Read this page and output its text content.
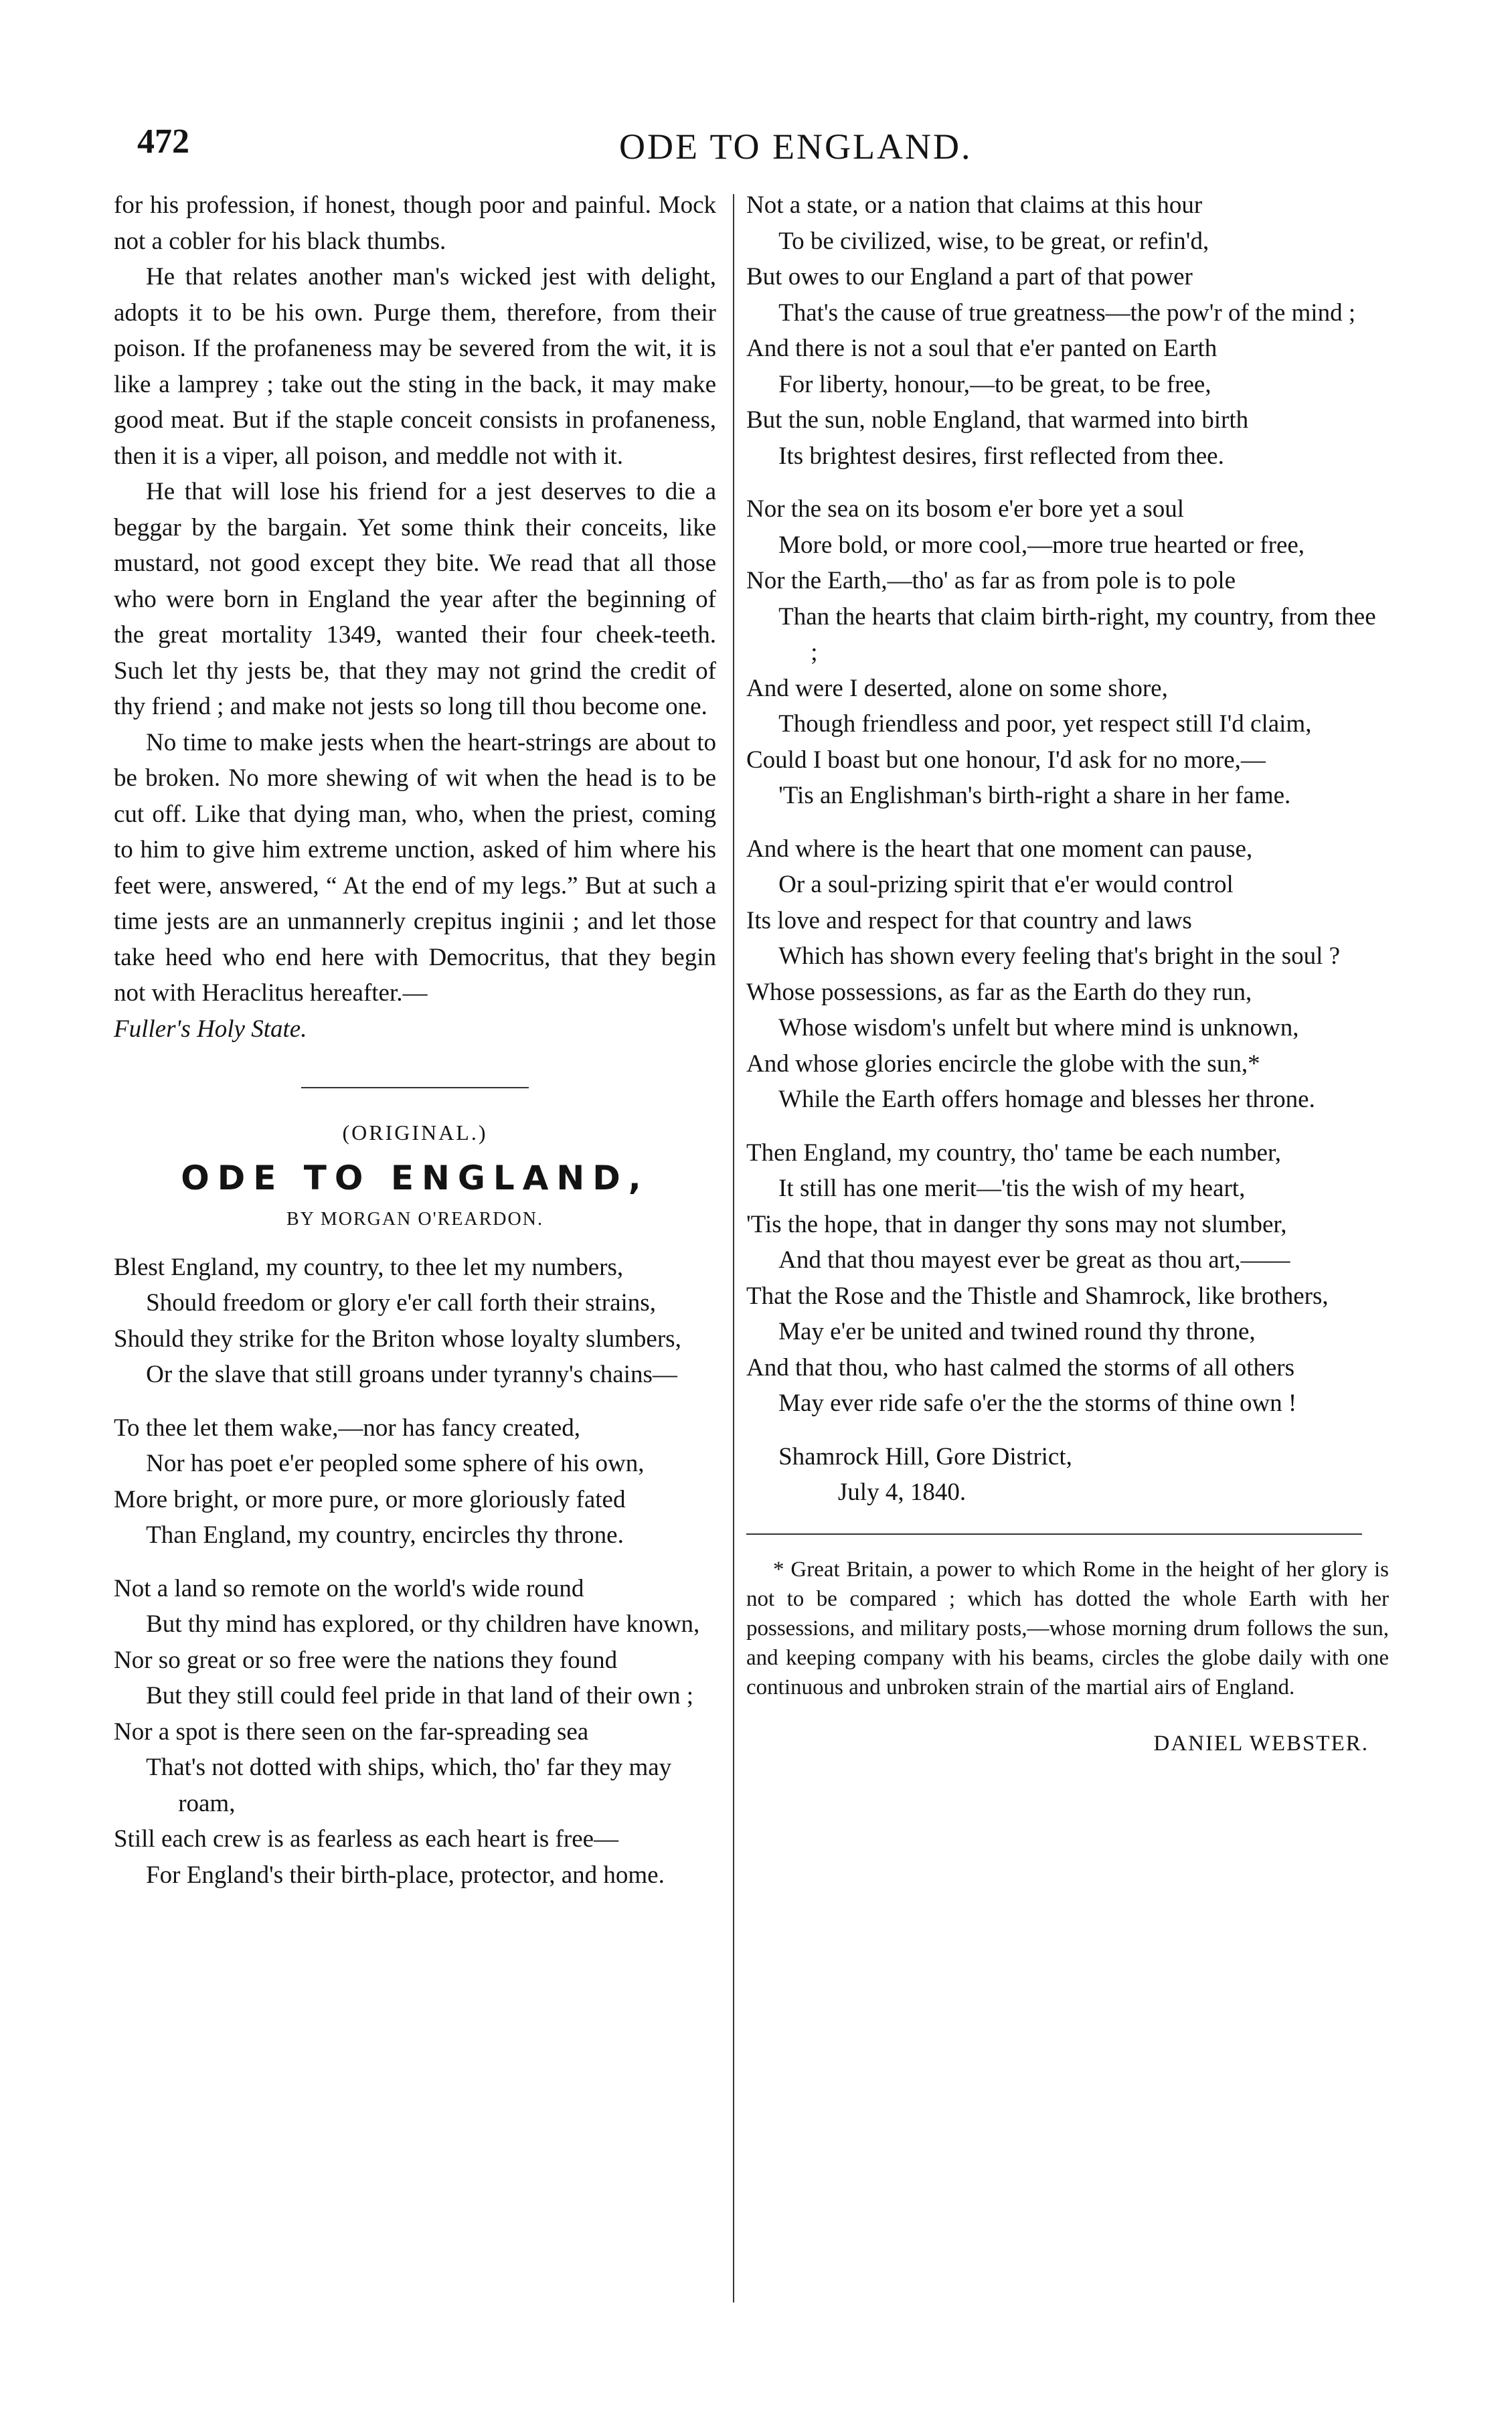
472	ODE TO ENGLAND.

for his profession, if honest, though poor and painful. Mock not a cobler for his black thumbs.

He that relates another man's wicked jest with delight, adopts it to be his own. Purge them, therefore, from their poison. If the profaneness may be severed from the wit, it is like a lamprey ; take out the sting in the back, it may make good meat. But if the staple conceit consists in profaneness, then it is a viper, all poison, and meddle not with it.

He that will lose his friend for a jest deserves to die a beggar by the bargain. Yet some think their conceits, like mustard, not good except they bite. We read that all those who were born in England the year after the beginning of the great mortality 1349, wanted their four cheek-teeth. Such let thy jests be, that they may not grind the credit of thy friend ; and make not jests so long till thou become one.

No time to make jests when the heart-strings are about to be broken. No more shewing of wit when the head is to be cut off. Like that dying man, who, when the priest, coming to him to give him extreme unction, asked of him where his feet were, answered, “ At the end of my legs.” But at such a time jests are an unmannerly crepitus inginii ; and let those take heed who end here with Democritus, that they begin not with Heraclitus hereafter.—

Fuller's Holy State.

(ORIGINAL.)
ODE TO ENGLAND,
BY MORGAN O'REARDON.
Blest England, my country, to thee let my numbers,
Should freedom or glory e'er call forth their strains,
Should they strike for the Briton whose loyalty slumbers,
Or the slave that still groans under tyranny's chains—
To thee let them wake,—nor has fancy created,
Nor has poet e'er peopled some sphere of his own,
More bright, or more pure, or more gloriously fated
Than England, my country, encircles thy throne.
Not a land so remote on the world's wide round
But thy mind has explored, or thy children have known,
Nor so great or so free were the nations they found
But they still could feel pride in that land of their own ;
Nor a spot is there seen on the far-spreading sea
That's not dotted with ships, which, tho' far they may roam,
Still each crew is as fearless as each heart is free—
For England's their birth-place, protector, and home.
Not a state, or a nation that claims at this hour
To be civilized, wise, to be great, or refin'd,
But owes to our England a part of that power
That's the cause of true greatness—the pow'r of the mind ;
And there is not a soul that e'er panted on Earth
For liberty, honour,—to be great, to be free,
But the sun, noble England, that warmed into birth
Its brightest desires, first reflected from thee.
Nor the sea on its bosom e'er bore yet a soul
More bold, or more cool,—more true hearted or free,
Nor the Earth,—tho' as far as from pole is to pole
Than the hearts that claim birth-right, my country, from thee ;
And were I deserted, alone on some shore,
Though friendless and poor, yet respect still I'd claim,
Could I boast but one honour, I'd ask for no more,—
'Tis an Englishman's birth-right a share in her fame.
And where is the heart that one moment can pause,
Or a soul-prizing spirit that e'er would control
Its love and respect for that country and laws
Which has shown every feeling that's bright in the soul ?
Whose possessions, as far as the Earth do they run,
Whose wisdom's unfelt but where mind is unknown,
And whose glories encircle the globe with the sun,*
While the Earth offers homage and blesses her throne.
Then England, my country, tho' tame be each number,
It still has one merit—'tis the wish of my heart,
'Tis the hope, that in danger thy sons may not slumber,
And that thou mayest ever be great as thou art,——
That the Rose and the Thistle and Shamrock, like brothers,
May e'er be united and twined round thy throne,
And that thou, who hast calmed the storms of all others
May ever ride safe o'er the the storms of thine own !
Shamrock Hill, Gore District,
July 4, 1840.

* Great Britain, a power to which Rome in the height of her glory is not to be compared ; which has dotted the whole Earth with her possessions, and military posts,—whose morning drum follows the sun, and keeping company with his beams, circles the globe daily with one continuous and unbroken strain of the martial airs of England.

DANIEL WEBSTER.
